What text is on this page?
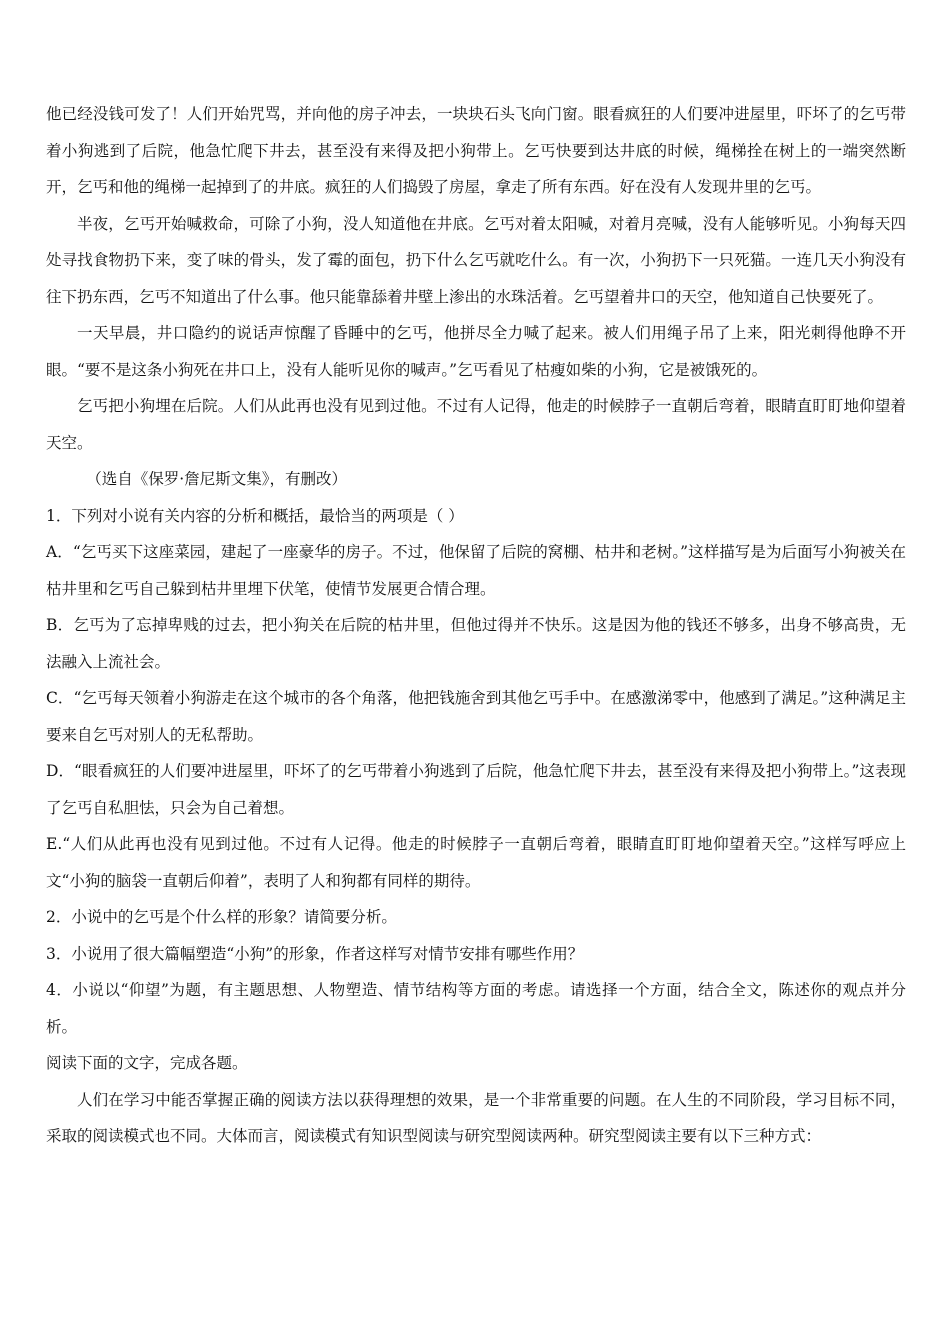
他已经没钱可发了！人们开始咒骂，并向他的房子冲去，一块块石头飞向门窗。眼看疯狂的人们要冲进屋里，吓坏了的乞丐带着小狗逃到了后院，他急忙爬下井去，甚至没有来得及把小狗带上。乞丐快要到达井底的时候，绳梯拴在树上的一端突然断开，乞丐和他的绳梯一起掉到了的井底。疯狂的人们捣毁了房屋，拿走了所有东西。好在没有人发现井里的乞丐。

半夜，乞丐开始喊救命，可除了小狗，没人知道他在井底。乞丐对着太阳喊，对着月亮喊，没有人能够听见。小狗每天四处寻找食物扔下来，变了味的骨头，发了霉的面包，扔下什么乞丐就吃什么。有一次，小狗扔下一只死猫。一连几天小狗没有往下扔东西，乞丐不知道出了什么事。他只能靠舔着井壁上渗出的水珠活着。乞丐望着井口的天空，他知道自己快要死了。

一天早晨，井口隐约的说话声惊醒了昏睡中的乞丐，他拼尽全力喊了起来。被人们用绳子吊了上来，阳光刺得他睁不开眼。“要不是这条小狗死在井口上，没有人能听见你的喊声。”乞丐看见了枯瘦如柴的小狗，它是被饿死的。

乞丐把小狗埋在后院。人们从此再也没有见到过他。不过有人记得，他走的时候脖子一直朝后弯着，眼睛直盯盯地仰望着天空。

（选自《保罗·詹尼斯文集》，有删改）

1．下列对小说有关内容的分析和概括，最恰当的两项是（ ）

A．“乞丐买下这座菜园，建起了一座豪华的房子。不过，他保留了后院的窝棚、枯井和老树。”这样描写是为后面写小狗被关在枯井里和乞丐自己躲到枯井里埋下伏笔，使情节发展更合情合理。

B．乞丐为了忘掉卑贱的过去，把小狗关在后院的枯井里，但他过得并不快乐。这是因为他的钱还不够多，出身不够高贵，无法融入上流社会。

C．“乞丐每天领着小狗游走在这个城市的各个角落，他把钱施舍到其他乞丐手中。在感激涕零中，他感到了满足。”这种满足主要来自乞丐对别人的无私帮助。

D．“眼看疯狂的人们要冲进屋里，吓坏了的乞丐带着小狗逃到了后院，他急忙爬下井去，甚至没有来得及把小狗带上。”这表现了乞丐自私胆怯，只会为自己着想。

E.“人们从此再也没有见到过他。不过有人记得。他走的时候脖子一直朝后弯着，眼睛直盯盯地仰望着天空。”这样写呼应上文“小狗的脑袋一直朝后仰着”，表明了人和狗都有同样的期待。

2．小说中的乞丐是个什么样的形象？请简要分析。

3．小说用了很大篇幅塑造“小狗”的形象，作者这样写对情节安排有哪些作用？

4．小说以“仰望”为题，有主题思想、人物塑造、情节结构等方面的考虑。请选择一个方面，结合全文，陈述你的观点并分析。

阅读下面的文字，完成各题。

人们在学习中能否掌握正确的阅读方法以获得理想的效果，是一个非常重要的问题。在人生的不同阶段，学习目标不同，采取的阅读模式也不同。大体而言，阅读模式有知识型阅读与研究型阅读两种。研究型阅读主要有以下三种方式：
